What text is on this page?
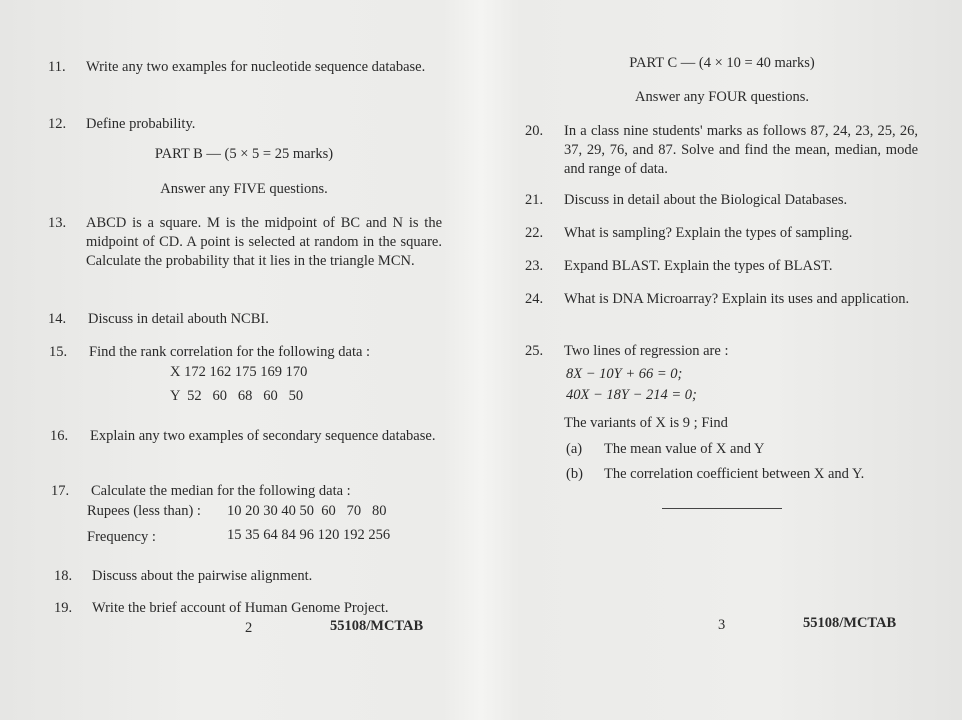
11. Write any two examples for nucleotide sequence database.
12. Define probability.
PART B — (5 × 5 = 25 marks)
Answer any FIVE questions.
13. ABCD is a square. M is the midpoint of BC and N is the midpoint of CD. A point is selected at random in the square. Calculate the probability that it lies in the triangle MCN.
14. Discuss in detail abouth NCBI.
15. Find the rank correlation for the following data :
X 172 162 175 169 170
Y  52   60   68   60   50
16. Explain any two examples of secondary sequence database.
17. Calculate the median for the following data :
Rupees (less than) : 10 20 30 40 50  60   70   80
Frequency :	15 35 64 84 96 120 192 256
18. Discuss about the pairwise alignment.
19. Write the brief account of Human Genome Project.
2	55108/MCTAB
PART C — (4 × 10 = 40 marks)
Answer any FOUR questions.
20. In a class nine students' marks as follows 87, 24, 23, 25, 26, 37, 29, 76, and 87. Solve and find the mean, median, mode and range of data.
21. Discuss in detail about the Biological Databases.
22. What is sampling? Explain the types of sampling.
23. Expand BLAST. Explain the types of BLAST.
24. What is DNA Microarray? Explain its uses and application.
25. Two lines of regression are :
8X − 10Y + 66 = 0;
40X − 18Y − 214 = 0;
The variants of X is 9 ; Find
(a) The mean value of X and Y
(b) The correlation coefficient between X and Y.
3	55108/MCTAB
